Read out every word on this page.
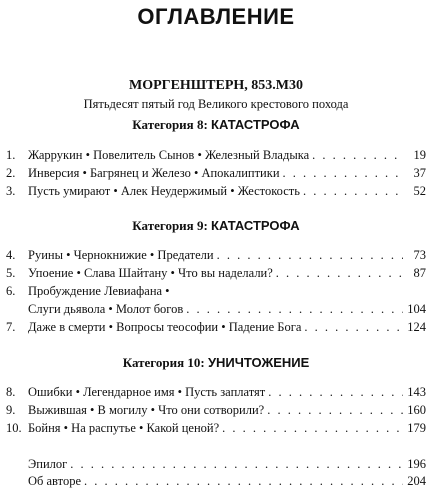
ОГЛАВЛЕНИЕ
МОРГЕНШТЕРН, 853.M30
Пятьдесят пятый год Великого крестового похода
Категория 8: КАТАСТРОФА
1.	Жаррукин • Повелитель Сынов • Железный Владыка . . .	19
2.	Инверсия • Багрянец и Железо • Апокалиптики . . .	37
3.	Пусть умирают • Алек Неудержимый • Жестокость . . .	52
Категория 9: КАТАСТРОФА
4.	Руины • Чернокнижие • Предатели . . .	73
5.	Упоение • Слава Шайтану • Что вы наделали? . . .	87
6.	Пробуждение Левиафана •
Слуги дьявола • Молот богов . . .	104
7.	Даже в смерти • Вопросы теософии • Падение Бога . . .	124
Категория 10: УНИЧТОЖЕНИЕ
8.	Ошибки • Легендарное имя • Пусть заплатят . . .	143
9.	Выжившая • В могилу • Что они сотворили? . . .	160
10. Бойня • На распутье • Какой ценой? . . .	179
Эпилог . . .	196
Об авторе . . .	204
